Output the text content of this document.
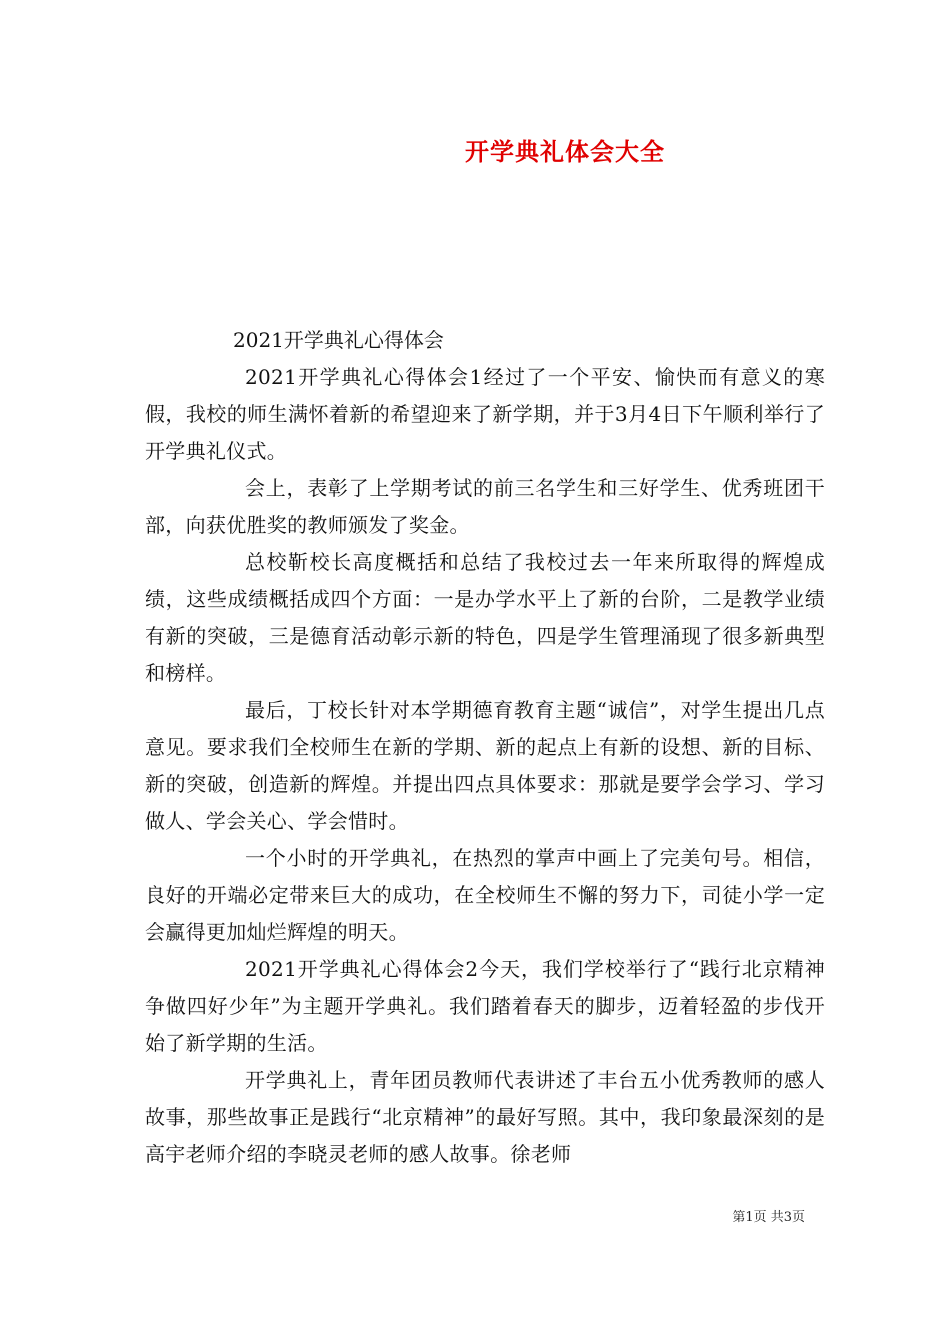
开学典礼体会大全

2021开学典礼心得体会

2021开学典礼心得体会1经过了一个平安、愉快而有意义的寒假，我校的师生满怀着新的希望迎来了新学期，并于3月4日下午顺利举行了开学典礼仪式。

会上，表彰了上学期考试的前三名学生和三好学生、优秀班团干部，向获优胜奖的教师颁发了奖金。

总校靳校长高度概括和总结了我校过去一年来所取得的辉煌成绩，这些成绩概括成四个方面：一是办学水平上了新的台阶，二是教学业绩有新的突破，三是德育活动彰示新的特色，四是学生管理涌现了很多新典型和榜样。

最后，丁校长针对本学期德育教育主题“诚信”，对学生提出几点意见。要求我们全校师生在新的学期、新的起点上有新的设想、新的目标、新的突破，创造新的辉煌。并提出四点具体要求：那就是要学会学习、学习做人、学会关心、学会惜时。

一个小时的开学典礼，在热烈的掌声中画上了完美句号。相信，良好的开端必定带来巨大的成功，在全校师生不懈的努力下，司徒小学一定会赢得更加灿烂辉煌的明天。

2021开学典礼心得体会2今天，我们学校举行了“践行北京精神争做四好少年”为主题开学典礼。我们踏着春天的脚步，迈着轻盈的步伐开始了新学期的生活。

开学典礼上，青年团员教师代表讲述了丰台五小优秀教师的感人故事，那些故事正是践行“北京精神”的最好写照。其中，我印象最深刻的是高宇老师介绍的李晓灵老师的感人故事。徐老师

第1页 共3页
